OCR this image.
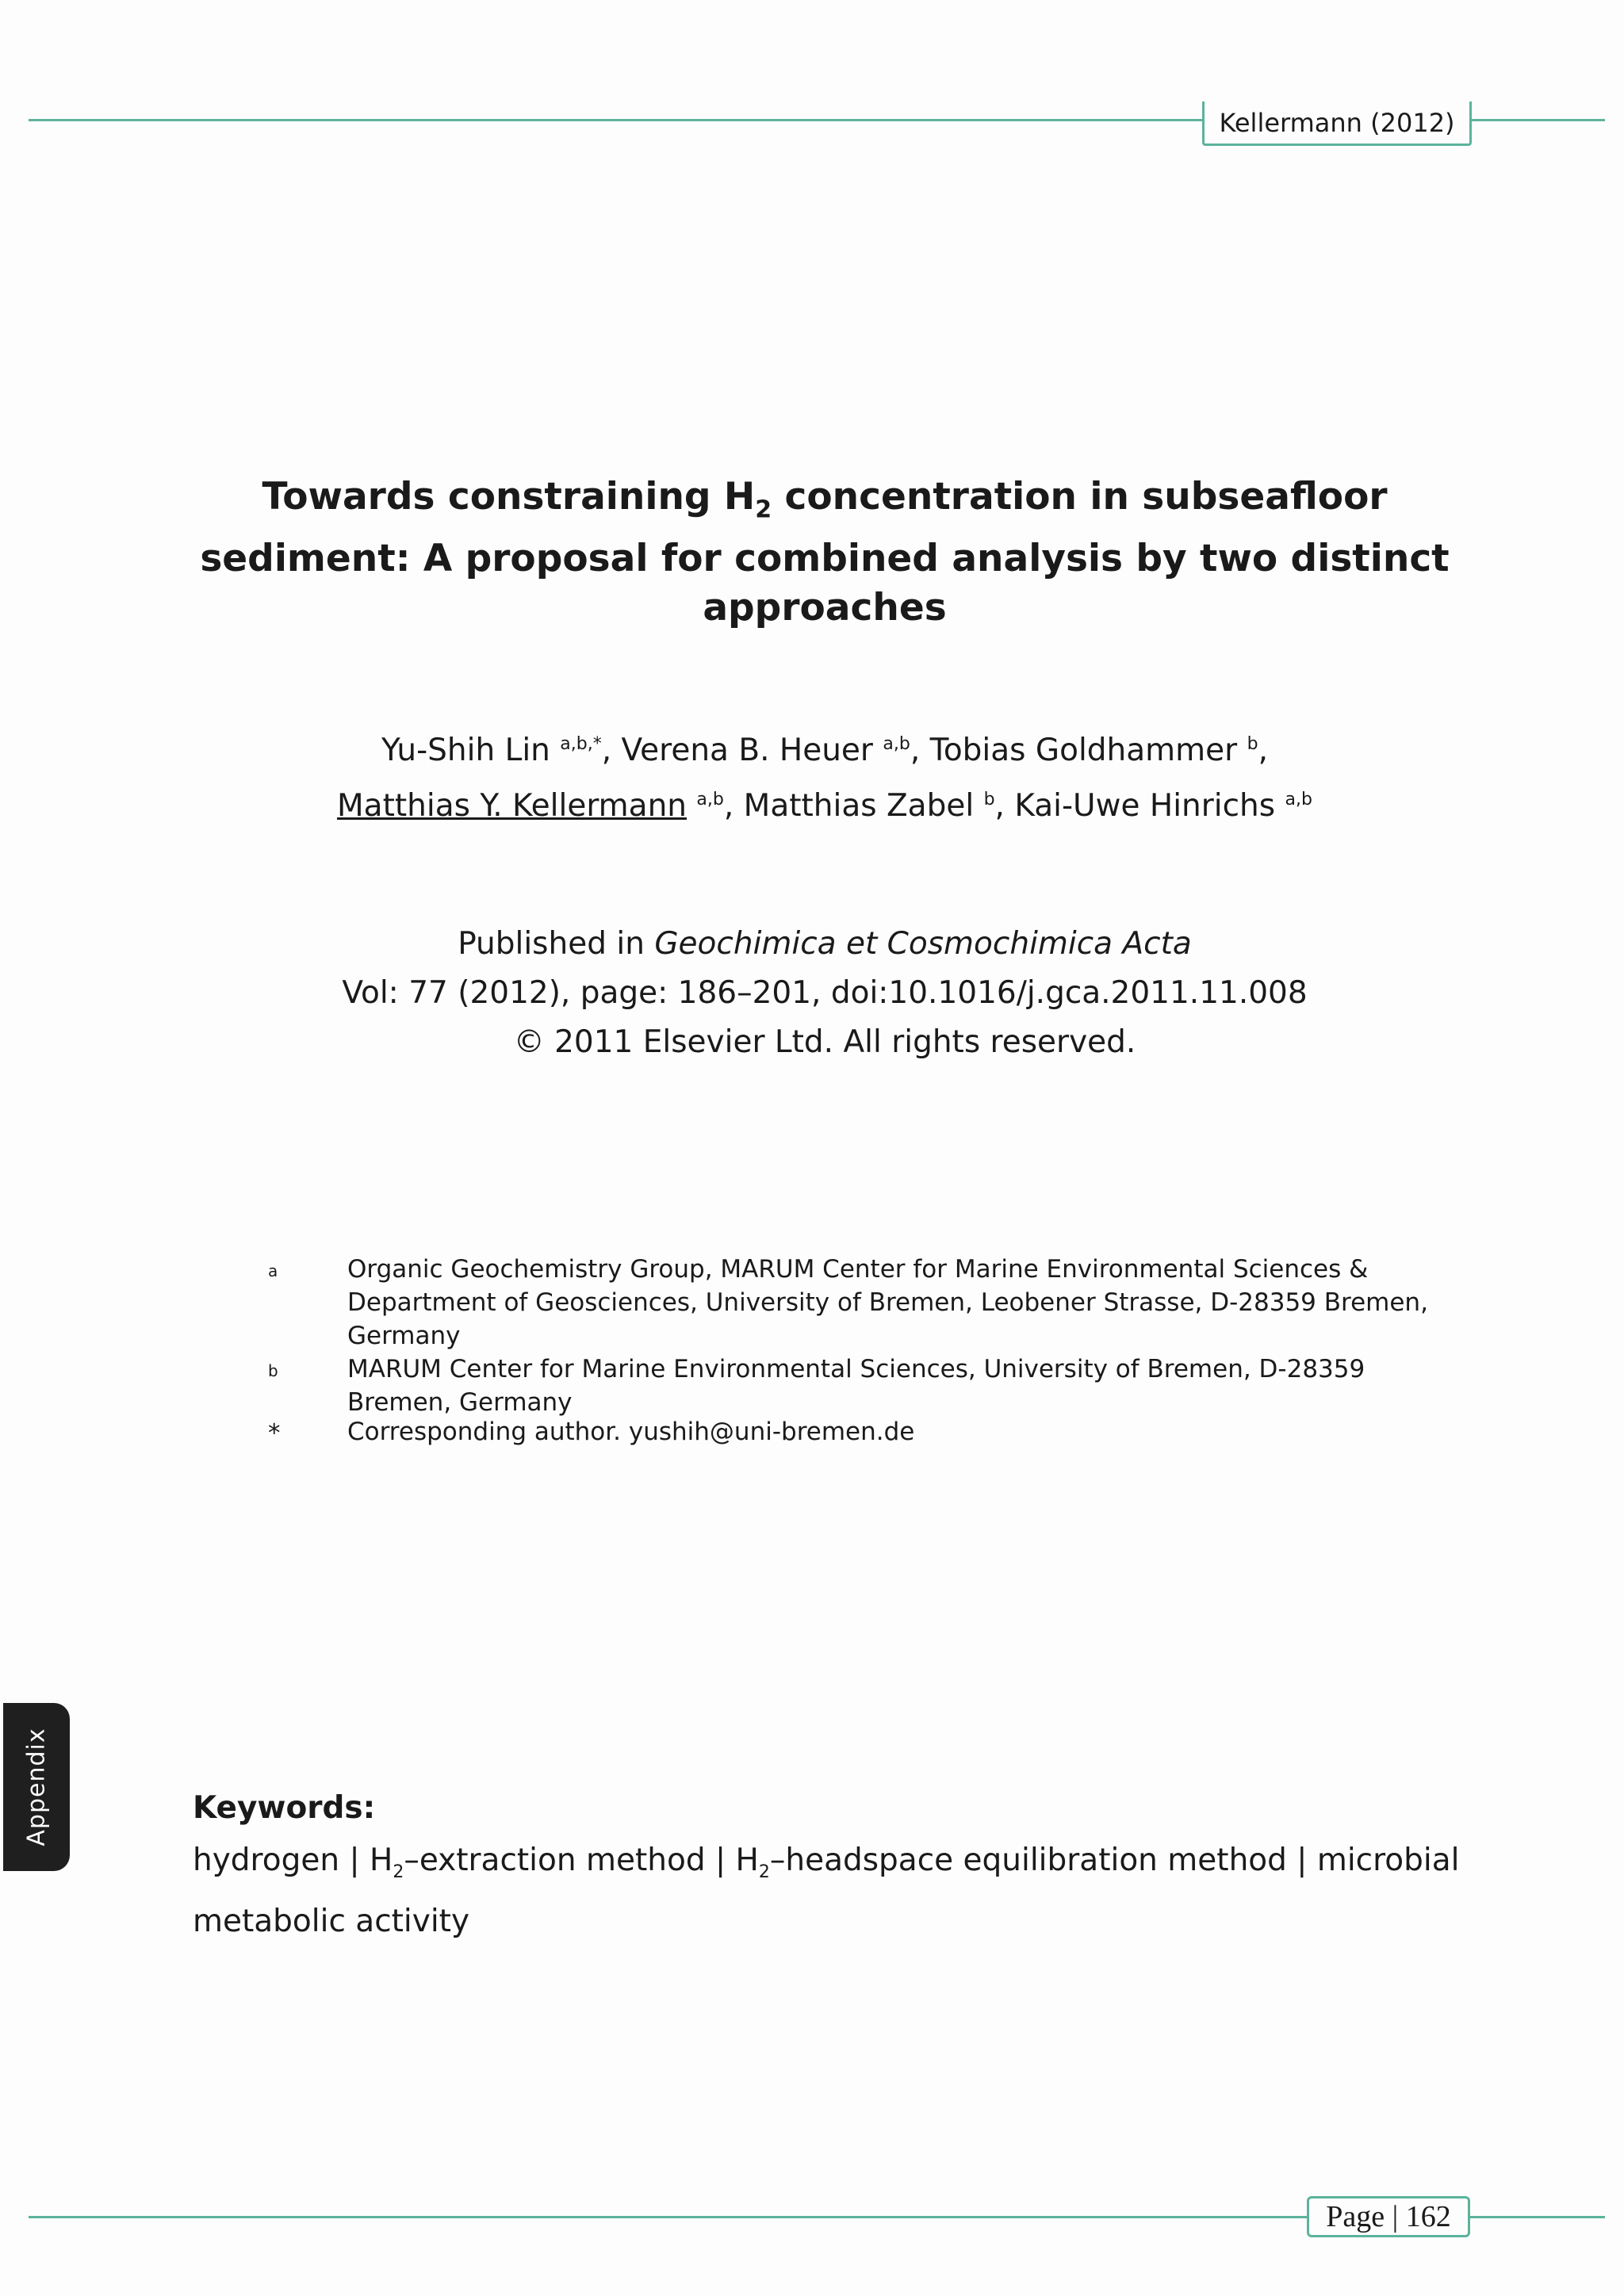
Kellermann (2012)
Towards constraining $H_2$ concentration in subseafloor sediment: A proposal for combined analysis by two distinct approaches
Yu-Shih Lin $^{a,b,*}$, Verena B. Heuer $^{a,b}$, Tobias Goldhammer $^b$,
Matthias Y. Kellermann $^{a,b}$, Matthias Zabel $^b$, Kai-Uwe Hinrichs $^{a,b}$
Published in Geochimica et Cosmochimica Acta
Vol: 77 (2012), page: 186–201, doi:10.1016/j.gca.2011.11.008
© 2011 Elsevier Ltd. All rights reserved.
a	Organic Geochemistry Group, MARUM Center for Marine Environmental Sciences & Department of Geosciences, University of Bremen, Leobener Strasse, D-28359 Bremen, Germany
b	MARUM Center for Marine Environmental Sciences, University of Bremen, D-28359 Bremen, Germany
*	Corresponding author. yushih@uni-bremen.de
Appendix	Keywords:
hydrogen | $H_2$–extraction method | $H_2$–headspace equilibration method | microbial metabolic activity
Page | 162
